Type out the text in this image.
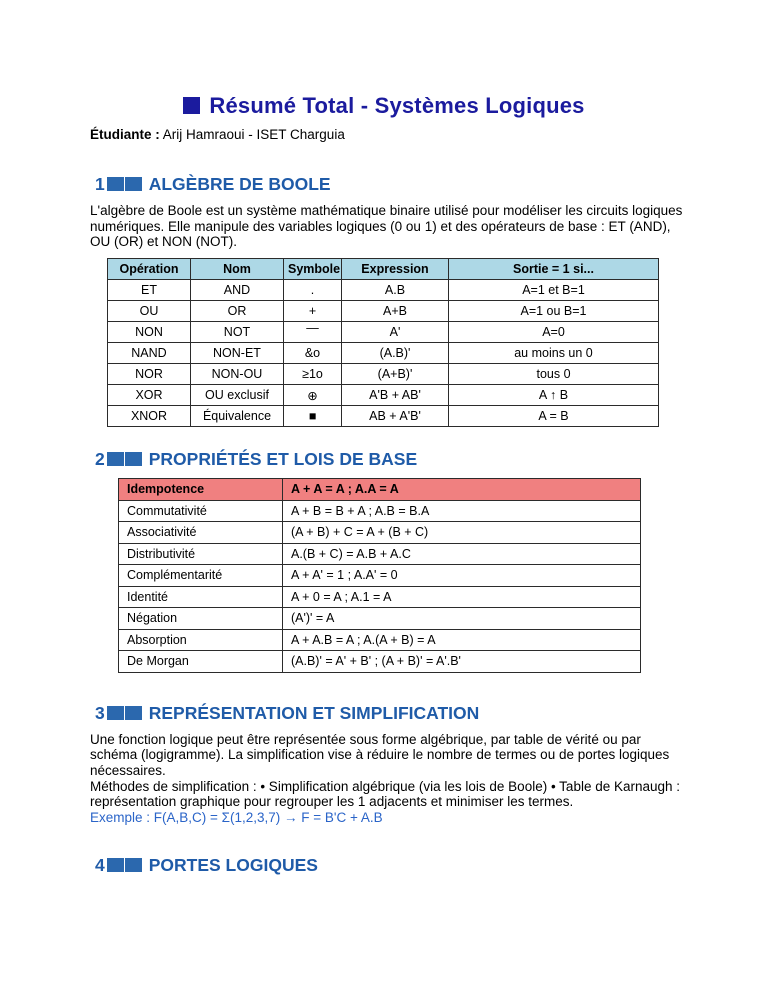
Résumé Total - Systèmes Logiques

Étudiante : Arij Hamraoui - ISET Charguia

1	ALGÈBRE DE BOOLE

L'algèbre de Boole est un système mathématique binaire utilisé pour modéliser les circuits logiques numériques. Elle manipule des variables logiques (0 ou 1) et des opérateurs de base : ET (AND), OU (OR) et NON (NOT).

Opération	Nom	Symbole	Expression	Sortie = 1 si...
ET	AND	.	A.B	A=1 et B=1
OU	OR	+	A+B	A=1 ou B=1
NON	NOT	—	A'	A=0
NAND	NON-ET	&o	(A.B)'	au moins un 0
NOR	NON-OU	≥1o	(A+B)'	tous 0
XOR	OU exclusif	⊕	A'B + AB'	A ↑ B
XNOR	Équivalence	■	AB + A'B'	A = B
2	PROPRIÉTÉS ET LOIS DE BASE
Idempotence	A + A = A ; A.A = A
Commutativité	A + B = B + A ; A.B = B.A
Associativité	(A + B) + C = A + (B + C)
Distributivité	A.(B + C) = A.B + A.C
Complémentarité	A + A' = 1 ; A.A' = 0
Identité	A + 0 = A ; A.1 = A
Négation	(A')' = A
Absorption	A + A.B = A ; A.(A + B) = A
De Morgan	(A.B)' = A' + B' ; (A + B)' = A'.B'
3	REPRÉSENTATION ET SIMPLIFICATION
Une fonction logique peut être représentée sous forme algébrique, par table de vérité ou par schéma (logigramme). La simplification vise à réduire le nombre de termes ou de portes logiques nécessaires.
Méthodes de simplification : • Simplification algébrique (via les lois de Boole) • Table de Karnaugh : représentation graphique pour regrouper les 1 adjacents et minimiser les termes.
Exemple : F(A,B,C) = Σ(1,2,3,7) → F = B'C + A.B
4	PORTES LOGIQUES
